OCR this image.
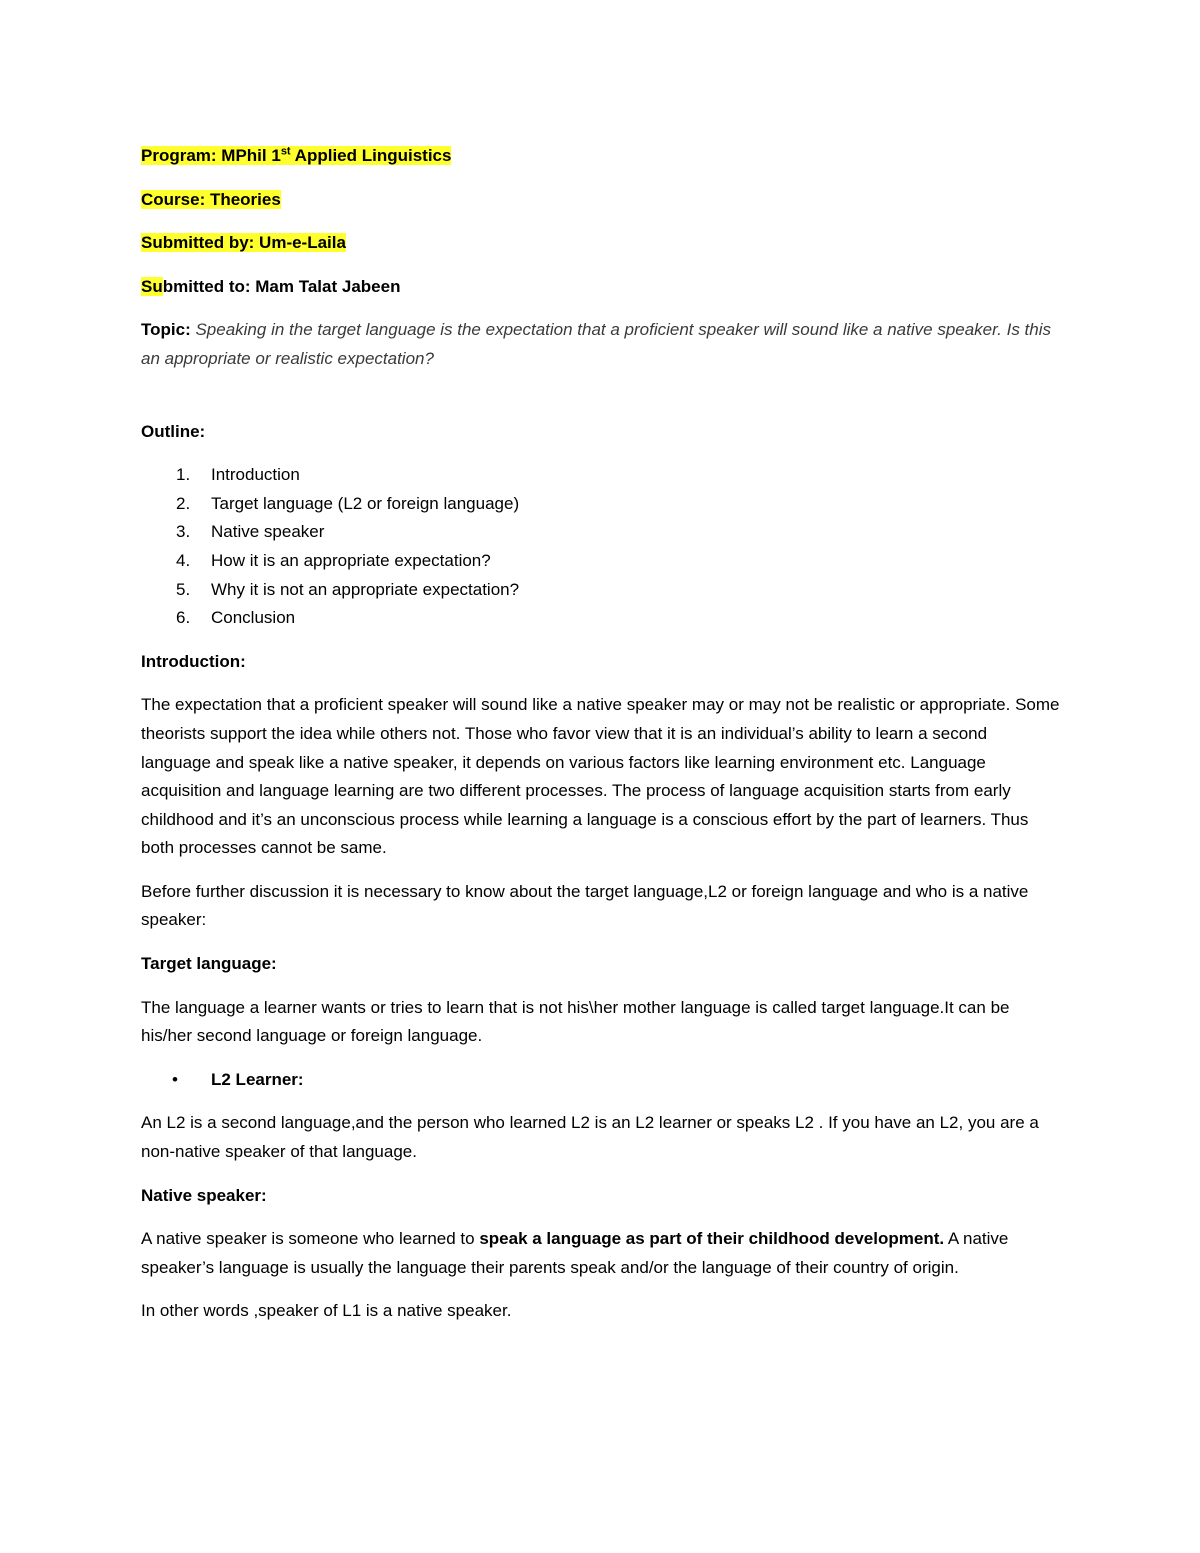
Program: MPhil 1st Applied Linguistics

Course: Theories

Submitted by: Um-e-Laila

Submitted to: Mam Talat Jabeen

Topic: Speaking in the target language is the expectation that a proficient speaker will sound like a native speaker. Is this an appropriate or realistic expectation?

Outline:

1. Introduction
2. Target language (L2 or foreign language)
3. Native speaker
4. How it is an appropriate expectation?
5. Why it is not an appropriate expectation?
6. Conclusion

Introduction:

The expectation that a proficient speaker will sound like a native speaker may or may not be realistic or appropriate. Some theorists support the idea while others not. Those who favor view that it is an individual’s ability to learn a second language and speak like a native speaker, it depends on various factors like learning environment etc. Language acquisition and language learning are two different processes. The process of language acquisition starts from early childhood and it’s an unconscious process while learning a language is a conscious effort by the part of learners. Thus both processes cannot be same.

Before further discussion it is necessary to know about the target language,L2 or foreign language and who is a native speaker:

Target language:

The language a learner wants or tries to learn that is not his\her mother language is called target language.It can be his/her second language or foreign language.

• L2 Learner:

An L2 is a second language,and the person who learned L2 is an L2 learner or speaks L2 . If you have an L2, you are a non-native speaker of that language.

Native speaker:

A native speaker is someone who learned to speak a language as part of their childhood development. A native speaker’s language is usually the language their parents speak and/or the language of their country of origin.

In other words ,speaker of L1 is a native speaker.
